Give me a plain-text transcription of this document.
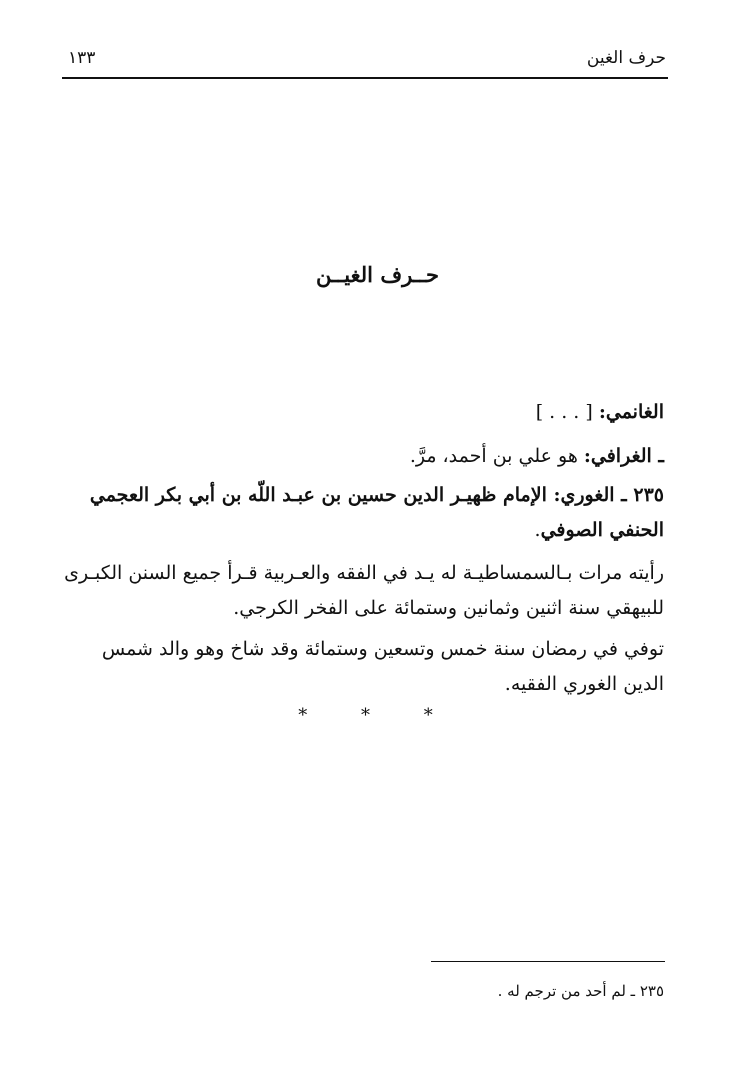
حرف الغين
١٣٣
حــرف الغيــن

الغانمي: [ . . . ]

ـ الغرافي: هو علي بن أحمد، مرَّ.

٢٣٥ ـ الغوري: الإمام ظهيـر الدين حسين بن عبـد اللّه بن أبي بكر العجمي الحنفي الصوفي.

رأيته مرات بـالسمساطيـة له يـد في الفقه والعـربية قـرأ جميع السنن الكبـرى للبيهقي سنة اثنين وثمانين وستمائة على الفخر الكرجي.

توفي في رمضان سنة خمس وتسعين وستمائة وقد شاخ وهو والد شمس الدين الغوري الفقيه.

* * *
٢٣٥ ـ لم أحد من ترجم له .
